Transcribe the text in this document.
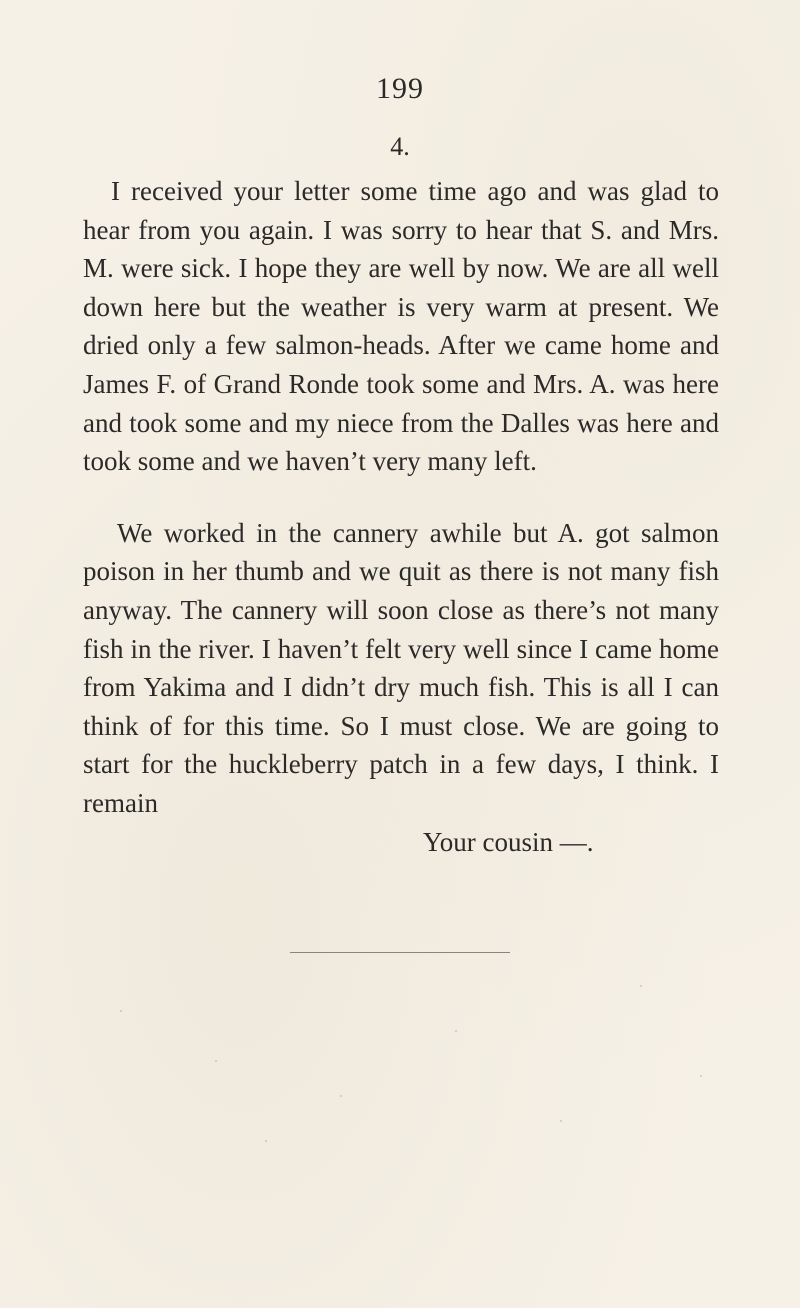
199
4.

I received your letter some time ago and was glad to hear from you again. I was sorry to hear that S. and Mrs. M. were sick. I hope they are well by now. We are all well down here but the weather is very warm at present. We dried only a few salmon-heads. After we came home and James F. of Grand Ronde took some and Mrs. A. was here and took some and my niece from the Dalles was here and took some and we haven’t very many left.

We worked in the cannery awhile but A. got salmon poison in her thumb and we quit as there is not many fish anyway. The cannery will soon close as there’s not many fish in the river. I haven’t felt very well since I came home from Yakima and I didn’t dry much fish. This is all I can think of for this time. So I must close. We are going to start for the huckleberry patch in a few days, I think. I remain

Your cousin —.
